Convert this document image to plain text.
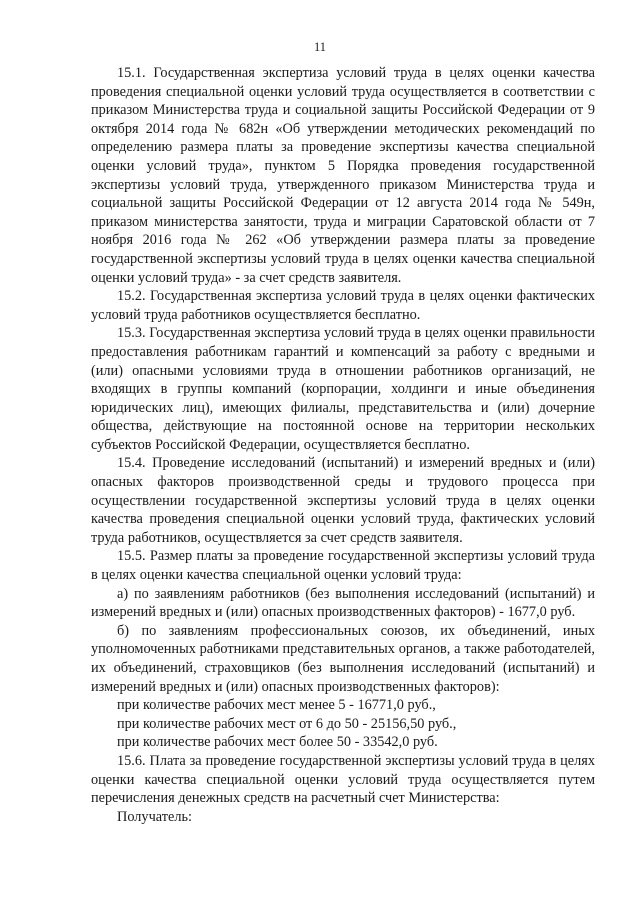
11

15.1. Государственная экспертиза условий труда в целях оценки качества проведения специальной оценки условий труда осуществляется в соответствии с приказом Министерства труда и социальной защиты Российской Федерации от 9 октября 2014 года № 682н «Об утверждении методических рекомендаций по определению размера платы за проведение экспертизы качества специальной оценки условий труда», пунктом 5 Порядка проведения государственной экспертизы условий труда, утвержденного приказом Министерства труда и социальной защиты Российской Федерации от 12 августа 2014 года № 549н, приказом министерства занятости, труда и миграции Саратовской области от 7 ноября 2016 года № 262 «Об утверждении размера платы за проведение государственной экспертизы условий труда в целях оценки качества специальной оценки условий труда» - за счет средств заявителя.

15.2. Государственная экспертиза условий труда в целях оценки фактических условий труда работников осуществляется бесплатно.

15.3. Государственная экспертиза условий труда в целях оценки правильности предоставления работникам гарантий и компенсаций за работу с вредными и (или) опасными условиями труда в отношении работников организаций, не входящих в группы компаний (корпорации, холдинги и иные объединения юридических лиц), имеющих филиалы, представительства и (или) дочерние общества, действующие на постоянной основе на территории нескольких субъектов Российской Федерации, осуществляется бесплатно.

15.4. Проведение исследований (испытаний) и измерений вредных и (или) опасных факторов производственной среды и трудового процесса при осуществлении государственной экспертизы условий труда в целях оценки качества проведения специальной оценки условий труда, фактических условий труда работников, осуществляется за счет средств заявителя.

15.5. Размер платы за проведение государственной экспертизы условий труда в целях оценки качества специальной оценки условий труда:

а) по заявлениям работников (без выполнения исследований (испытаний) и измерений вредных и (или) опасных производственных факторов) - 1677,0 руб.

б) по заявлениям профессиональных союзов, их объединений, иных уполномоченных работниками представительных органов, а также работодателей, их объединений, страховщиков (без выполнения исследований (испытаний) и измерений вредных и (или) опасных производственных факторов):

при количестве рабочих мест менее 5 - 16771,0 руб.,

при количестве рабочих мест от 6 до 50 - 25156,50 руб.,

при количестве рабочих мест более 50 - 33542,0 руб.

15.6. Плата за проведение государственной экспертизы условий труда в целях оценки качества специальной оценки условий труда осуществляется путем перечисления денежных средств на расчетный счет Министерства:

Получатель:
